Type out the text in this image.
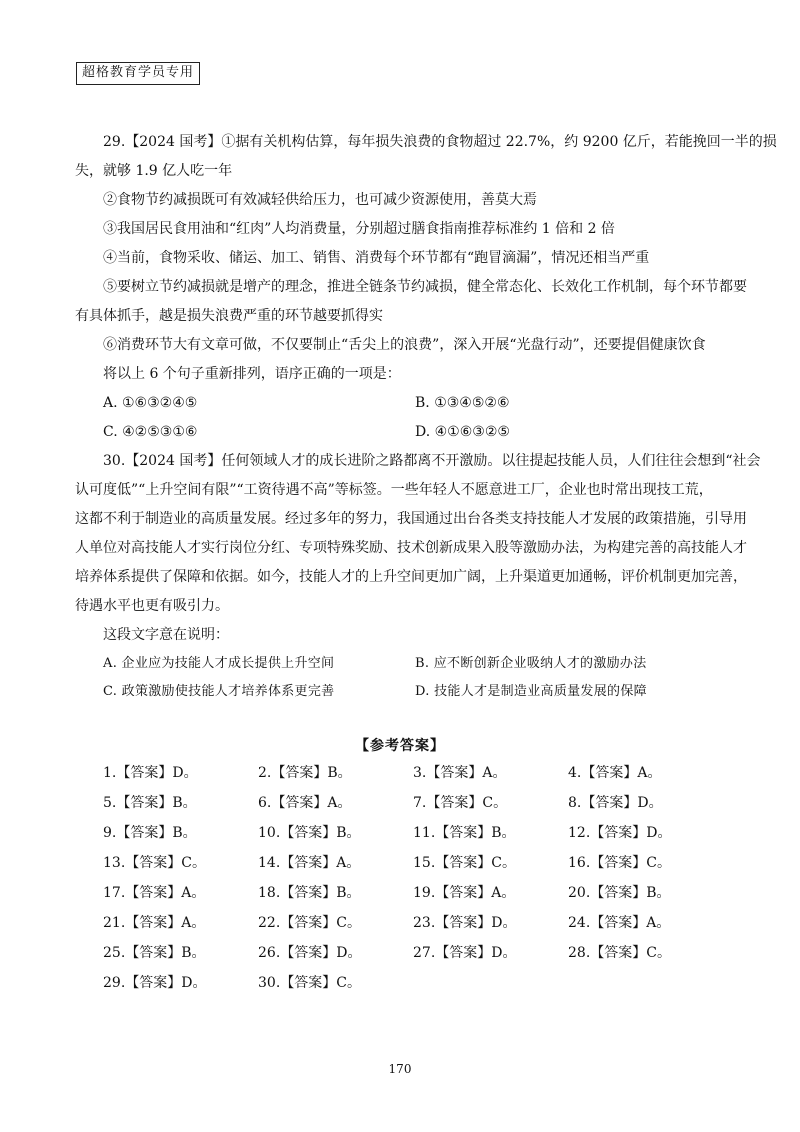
超格教育学员专用
29.【2024 国考】①据有关机构估算，每年损失浪费的食物超过 22.7%，约 9200 亿斤，若能挽回一半的损
失，就够 1.9 亿人吃一年
②食物节约减损既可有效减轻供给压力，也可减少资源使用，善莫大焉
③我国居民食用油和“红肉”人均消费量，分别超过膳食指南推荐标准约 1 倍和 2 倍
④当前，食物采收、储运、加工、销售、消费每个环节都有“跑冒滴漏”，情况还相当严重
⑤要树立节约减损就是增产的理念，推进全链条节约减损，健全常态化、长效化工作机制，每个环节都要
有具体抓手，越是损失浪费严重的环节越要抓得实
⑥消费环节大有文章可做，不仅要制止“舌尖上的浪费”，深入开展“光盘行动”，还要提倡健康饮食
将以上 6 个句子重新排列，语序正确的一项是：
A. ①⑥③②④⑤	B. ①③④⑤②⑥
C. ④②⑤③①⑥	D. ④①⑥③②⑤
30.【2024 国考】任何领域人才的成长进阶之路都离不开激励。以往提起技能人员，人们往往会想到“社会
认可度低”“上升空间有限”“工资待遇不高”等标签。一些年轻人不愿意进工厂，企业也时常出现技工荒，
这都不利于制造业的高质量发展。经过多年的努力，我国通过出台各类支持技能人才发展的政策措施，引导用
人单位对高技能人才实行岗位分红、专项特殊奖励、技术创新成果入股等激励办法，为构建完善的高技能人才
培养体系提供了保障和依据。如今，技能人才的上升空间更加广阔，上升渠道更加通畅，评价机制更加完善，
待遇水平也更有吸引力。
这段文字意在说明：
A. 企业应为技能人才成长提供上升空间	B. 应不断创新企业吸纳人才的激励办法
C. 政策激励使技能人才培养体系更完善	D. 技能人才是制造业高质量发展的保障
【参考答案】
1.【答案】D。	2.【答案】B。	3.【答案】A。	4.【答案】A。
5.【答案】B。	6.【答案】A。	7.【答案】C。	8.【答案】D。
9.【答案】B。	10.【答案】B。	11.【答案】B。	12.【答案】D。
13.【答案】C。	14.【答案】A。	15.【答案】C。	16.【答案】C。
17.【答案】A。	18.【答案】B。	19.【答案】A。	20.【答案】B。
21.【答案】A。	22.【答案】C。	23.【答案】D。	24.【答案】A。
25.【答案】B。	26.【答案】D。	27.【答案】D。	28.【答案】C。
29.【答案】D。	30.【答案】C。
170
